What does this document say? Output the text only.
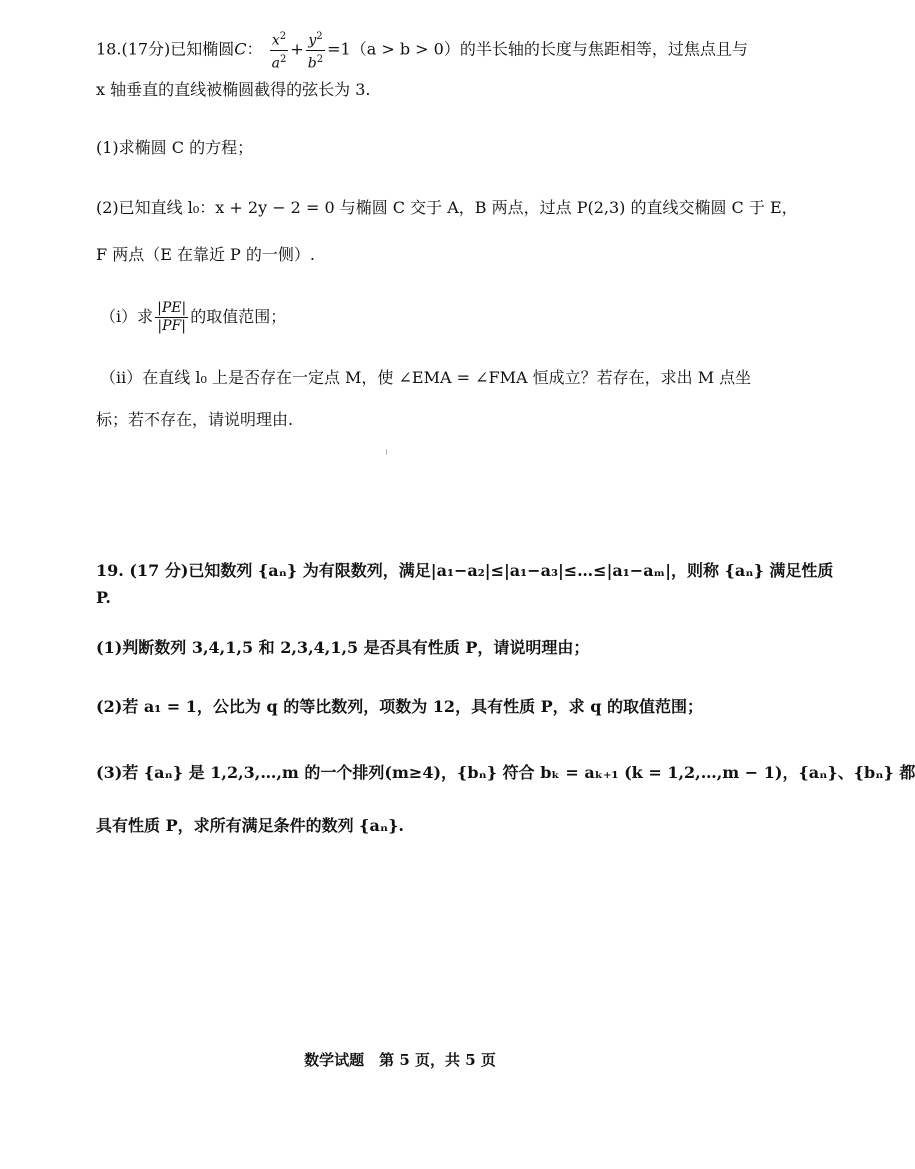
18.(17分)已知椭圆C： $\frac{x^2}{a^2} + \frac{y^2}{b^2} =1(a > b > 0)$的半长轴的长度与焦距相等，过焦点且与
x 轴垂直的直线被椭圆截得的弦长为 3.
(1)求椭圆 C 的方程；
(2)已知直线 l₀：x + 2y − 2 = 0 与椭圆 C 交于 A，B 两点，过点 P(2,3) 的直线交椭圆 C 于 E，
F 两点（E 在靠近 P 的一侧）.
（ⅰ）求 $\frac{|PE|}{|PF|}$ 的取值范围；
（ⅱ）在直线 l₀ 上是否存在一定点 M，使 ∠EMA = ∠FMA 恒成立？若存在，求出 M 点坐
标；若不存在，请说明理由.
19. (17 分)已知数列 {aₙ} 为有限数列，满足|a₁−a₂|≤|a₁−a₃|≤…≤|a₁−aₘ|，则称 {aₙ} 满足性质
P.
(1)判断数列 3,4,1,5 和 2,3,4,1,5 是否具有性质 P，请说明理由；
(2)若 a₁ = 1，公比为 q 的等比数列，项数为 12，具有性质 P，求 q 的取值范围；
(3)若 {aₙ} 是 1,2,3,…,m 的一个排列(m≥4)，{bₙ} 符合 bₖ = aₖ₊₁ (k = 1,2,…,m − 1)，{aₙ}、{bₙ} 都
具有性质 P，求所有满足条件的数列 {aₙ}.
数学试题　第 5 页，共 5 页
